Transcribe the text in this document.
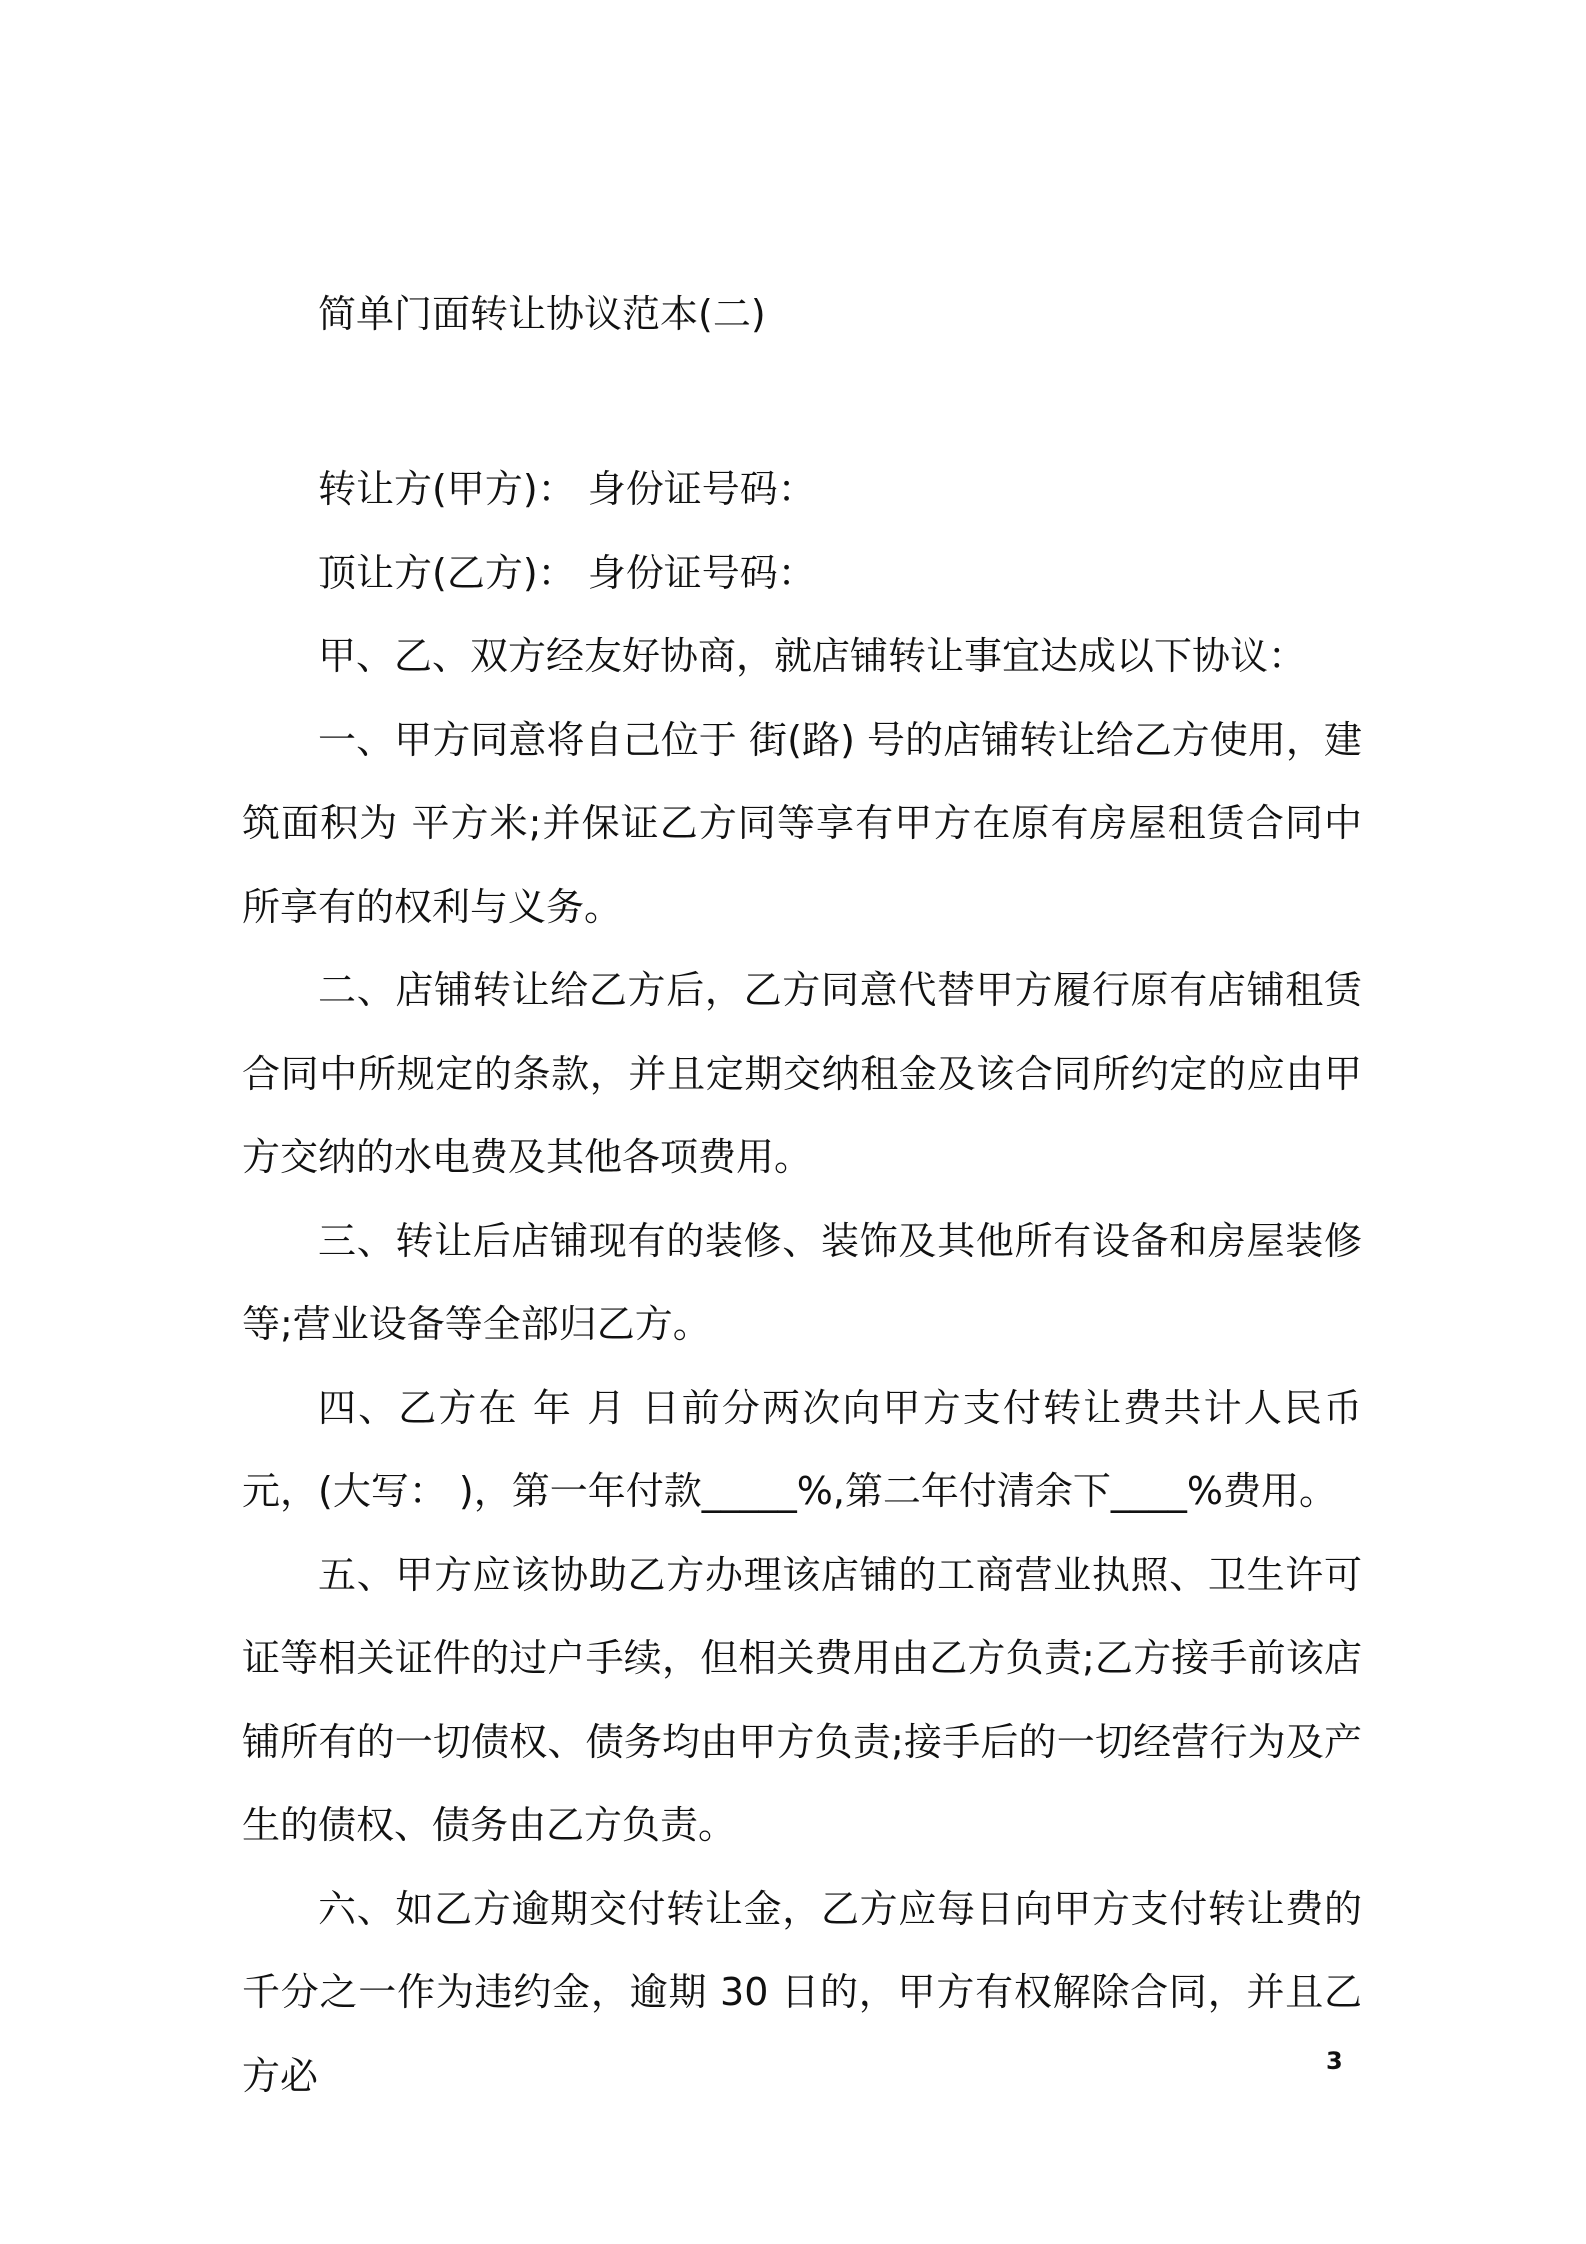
简单门面转让协议范本(二)

转让方(甲方)： 身份证号码：

顶让方(乙方)： 身份证号码：

甲、乙、双方经友好协商，就店铺转让事宜达成以下协议：

一、甲方同意将自己位于 街(路) 号的店铺转让给乙方使用，建筑面积为 平方米;并保证乙方同等享有甲方在原有房屋租赁合同中所享有的权利与义务。

二、店铺转让给乙方后，乙方同意代替甲方履行原有店铺租赁合同中所规定的条款，并且定期交纳租金及该合同所约定的应由甲方交纳的水电费及其他各项费用。

三、转让后店铺现有的装修、装饰及其他所有设备和房屋装修等;营业设备等全部归乙方。

四、乙方在 年 月 日前分两次向甲方支付转让费共计人民币 元，(大写： )，第一年付款_____%,第二年付清余下____%费用。

五、甲方应该协助乙方办理该店铺的工商营业执照、卫生许可证等相关证件的过户手续，但相关费用由乙方负责;乙方接手前该店铺所有的一切债权、债务均由甲方负责;接手后的一切经营行为及产生的债权、债务由乙方负责。

六、如乙方逾期交付转让金，乙方应每日向甲方支付转让费的千分之一作为违约金，逾期 30 日的，甲方有权解除合同，并且乙方必	3
